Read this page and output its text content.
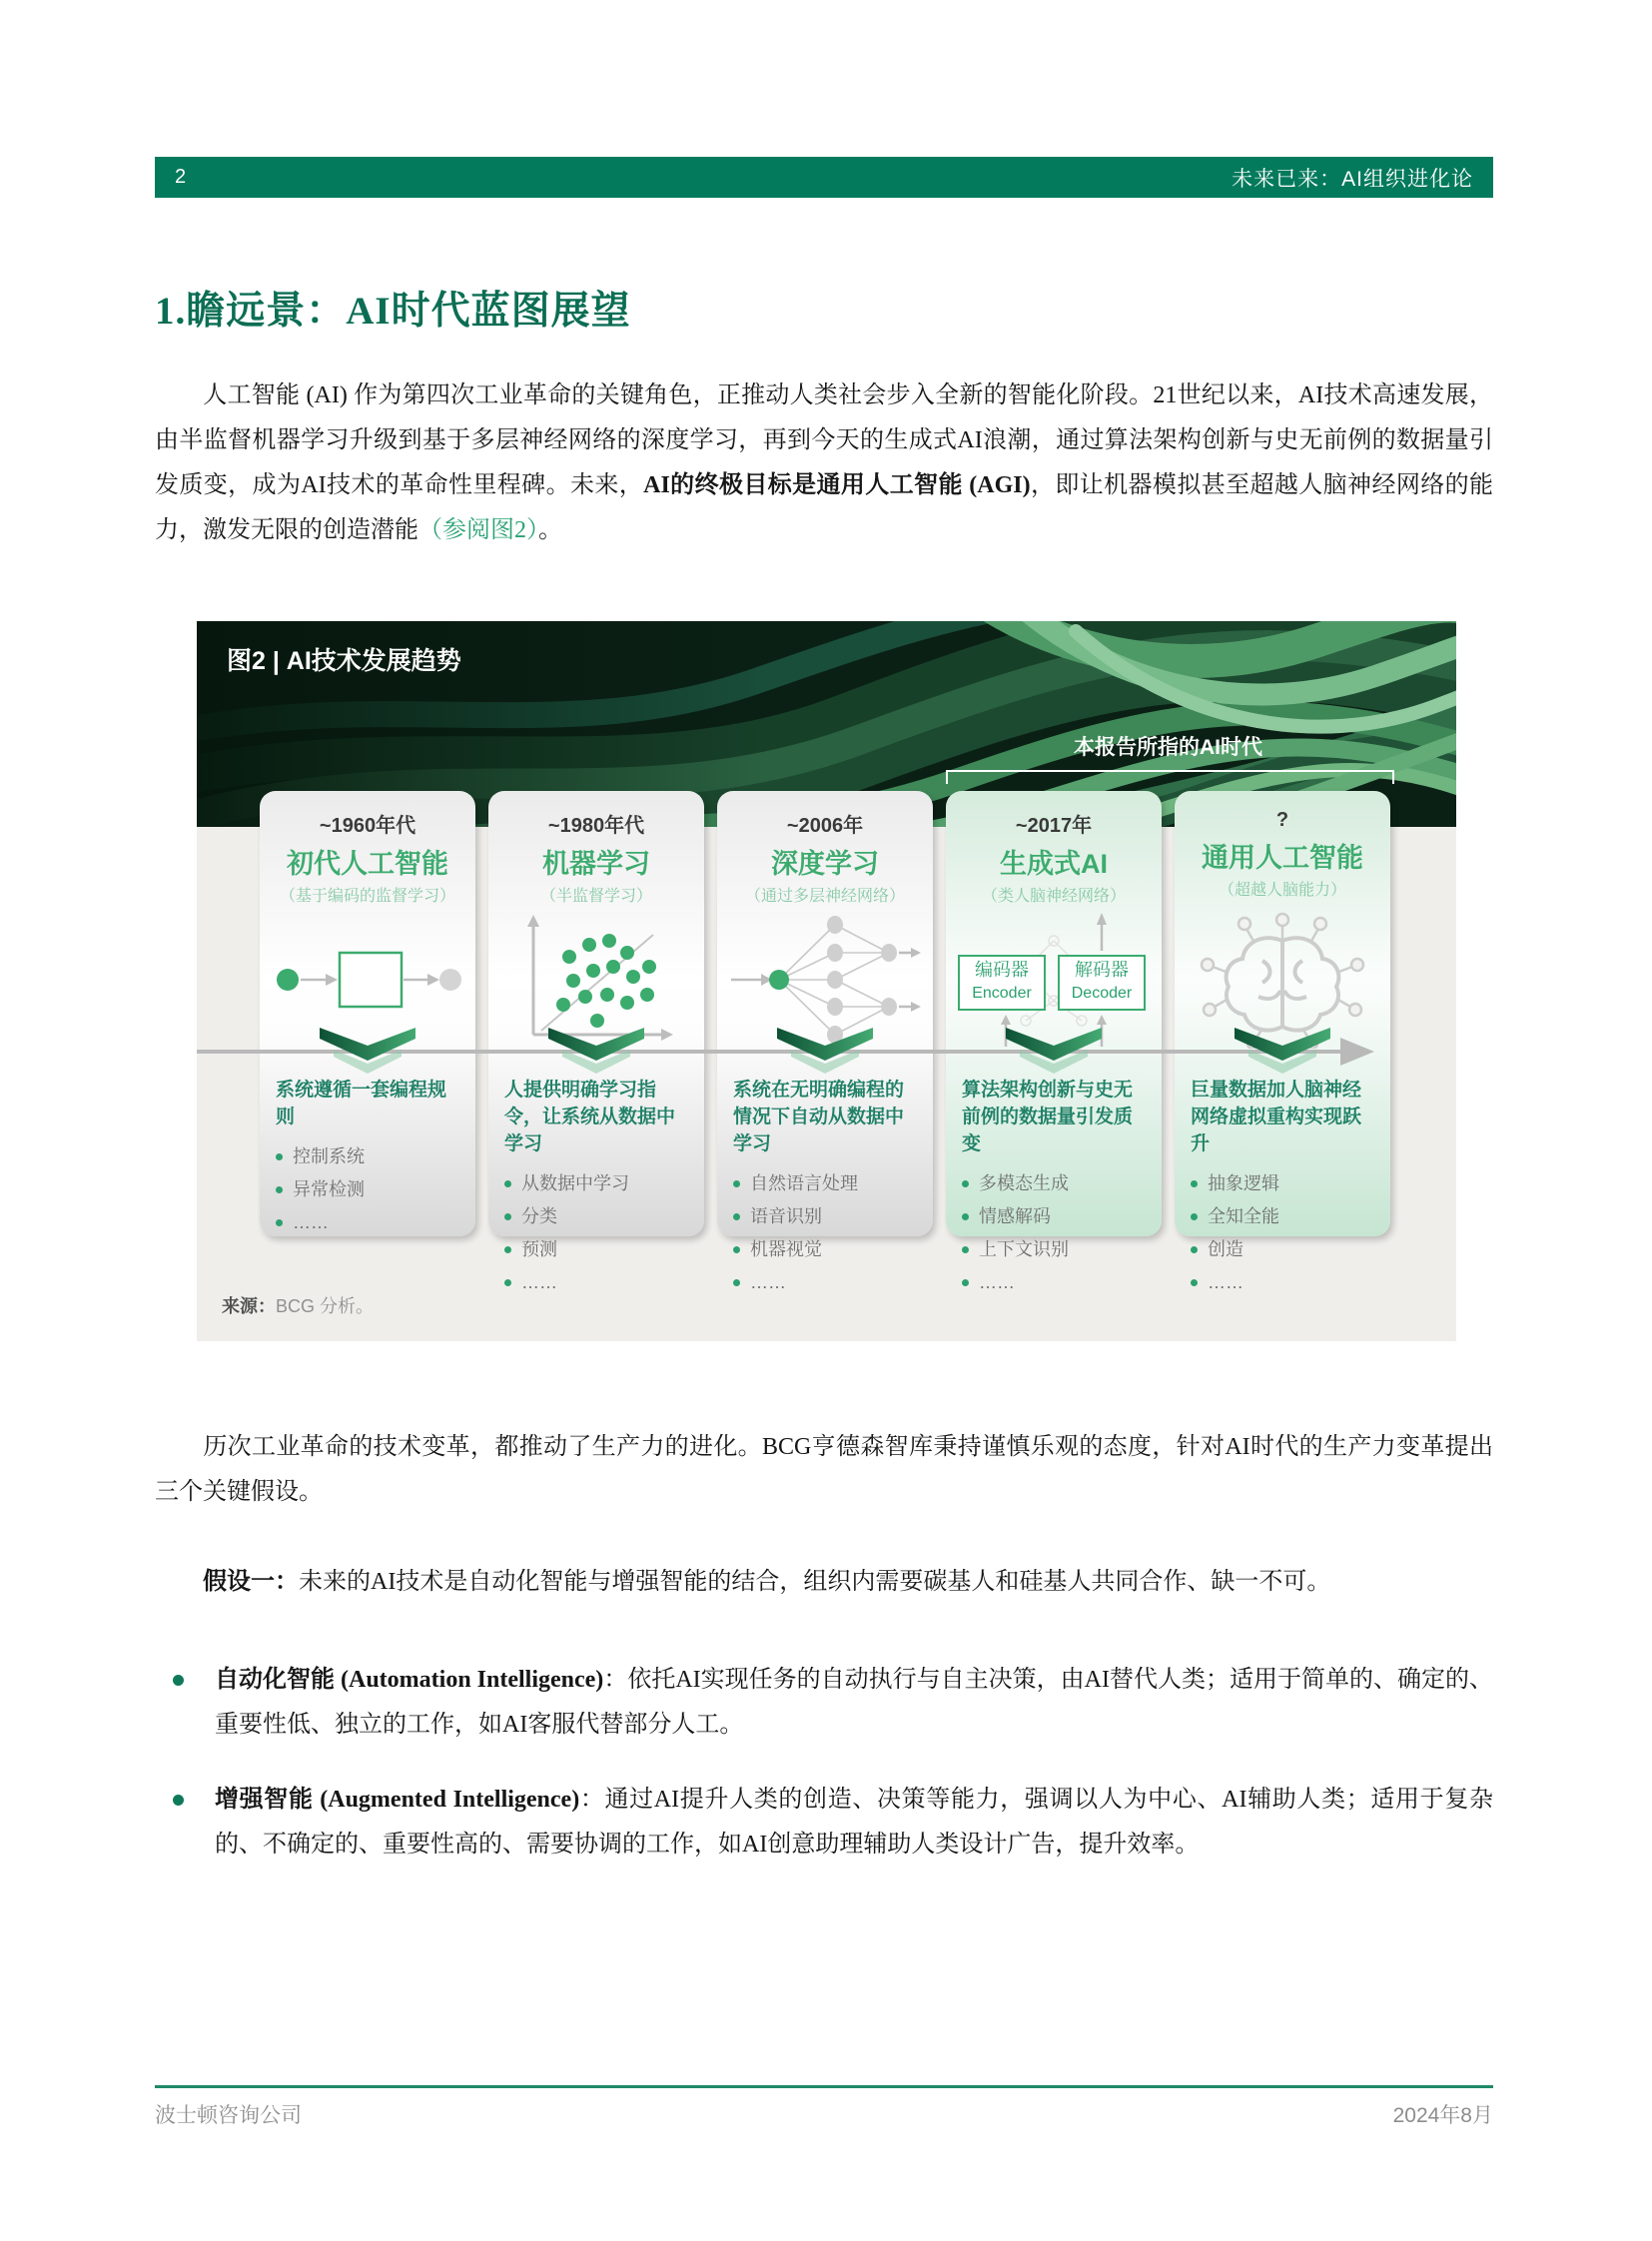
2	未来已来：AI组织进化论
1.瞻远景：AI时代蓝图展望

人工智能 (AI) 作为第四次工业革命的关键角色，正推动人类社会步入全新的智能化阶段。21世纪以来，AI技术高速发展，由半监督机器学习升级到基于多层神经网络的深度学习，再到今天的生成式AI浪潮，通过算法架构创新与史无前例的数据量引发质变，成为AI技术的革命性里程碑。未来，AI的终极目标是通用人工智能 (AGI)，即让机器模拟甚至超越人脑神经网络的能力，激发无限的创造潜能（参阅图2）。

图2 | AI技术发展趋势
本报告所指的AI时代
~1960年代
初代人工智能
（基于编码的监督学习）
系统遵循一套编程规则
控制系统
异常检测
……
~1980年代
机器学习
（半监督学习）
人提供明确学习指令，让系统从数据中学习
从数据中学习
分类
预测
……
~2006年
深度学习
（通过多层神经网络）
系统在无明确编程的情况下自动从数据中学习
自然语言处理
语音识别
机器视觉
……
~2017年
生成式AI
（类人脑神经网络）
编码器
Encoder
解码器
Decoder
算法架构创新与史无前例的数据量引发质变
多模态生成
情感解码
上下文识别
……
?
通用人工智能
（超越人脑能力）
巨量数据加人脑神经网络虚拟重构实现跃升
抽象逻辑
全知全能
创造
……
来源：BCG 分析。

历次工业革命的技术变革，都推动了生产力的进化。BCG亨德森智库秉持谨慎乐观的态度，针对AI时代的生产力变革提出三个关键假设。

假设一：未来的AI技术是自动化智能与增强智能的结合，组织内需要碳基人和硅基人共同合作、缺一不可。

自动化智能 (Automation Intelligence)：依托AI实现任务的自动执行与自主决策，由AI替代人类；适用于简单的、确定的、重要性低、独立的工作，如AI客服代替部分人工。
增强智能 (Augmented Intelligence)：通过AI提升人类的创造、决策等能力，强调以人为中心、AI辅助人类；适用于复杂的、不确定的、重要性高的、需要协调的工作，如AI创意助理辅助人类设计广告，提升效率。
波士顿咨询公司	2024年8月
